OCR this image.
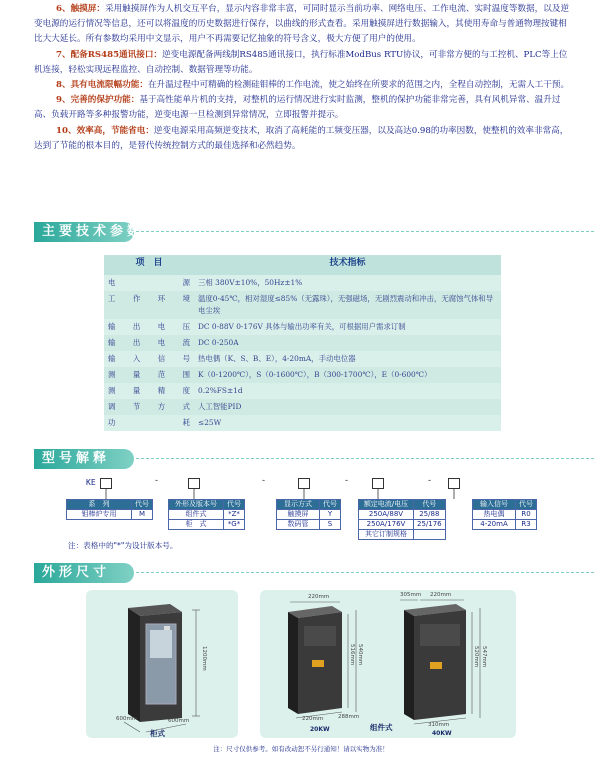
6、触摸屏：采用触摸屏作为人机交互平台，显示内容非常丰富，可同时显示当前功率、网络电压、工作电流、实时温度等数据，以及逆变电源的运行情况等信息，还可以将温度的历史数据进行保存，以曲线的形式查看。采用触摸屏进行数据输入，其使用寿命与普通物理按键相比大大延长。所有参数均采用中文显示，用户不再需要记忆抽象的符号含义，极大方便了用户的使用。

7、配备RS485通讯接口：逆变电源配备两线制RS485通讯接口，执行标准ModBus RTU协议，可非常方便的与工控机、PLC等上位机连接，轻松实现远程监控、自动控制、数据管理等功能。

8、具有电流限幅功能：在升温过程中可精确的检测硅钼棒的工作电流，使之始终在所要求的范围之内，全程自动控制，无需人工干预。

9、完善的保护功能：基于高性能单片机的支持，对整机的运行情况进行实时监测，整机的保护功能非常完善，具有风机异常、温升过高、负载开路等多种报警功能，逆变电源一旦检测到异常情况，立即报警并提示。

10、效率高，节能省电：逆变电源采用高频逆变技术，取消了高耗能的工频变压器，以及高达0.98的功率因数，使整机的效率非常高，达到了节能的根本目的，是替代传统控制方式的最佳选择和必然趋势。

主要技术参数
项　目	技术指标
电　源	三相 380V±10%，50Hz±1%
工作环境	温度0-45℃，相对湿度≤85%（无露珠），无强磁场，无剧烈震动和冲击，无腐蚀气体和导电尘埃
输出电压	DC 0-88V 0-176V 具体与输出功率有关，可根据用户需求订制
输出电流	DC 0-250A
输入信号	热电偶（K、S、B、E），4-20mA，手动电位器
测量范围	K（0-1200℃），S（0-1600℃），B（300-1700℃），E（0-600℃）
测量精度	0.2%FS±1d
调节方式	人工智能PID
功　耗	≤25W
型号解释
KE	-	-	-	-
系　列	代号
钼棒炉专用	M
外形及版本号	代号
组件式	*Z*
柜　式	*G*
显示方式	代号
触摸屏	Y
数码管	S
额定电流/电压	代号
250A/88V	25/88
250A/176V	25/176
其它订制规格	
输入信号	代号
热电偶	R0
4-20mA	R3
注：表格中的"*"为设计版本号。
外形尺寸
1200mm
600mm	600mm
柜式
220mm
516mm 540mm
220mm	288mm
20KW
305mm 220mm
520mm 547mm
310mm
40KW
组件式
注：尺寸仅供参考。如有改动恕不另行通知！请以实物为准！
